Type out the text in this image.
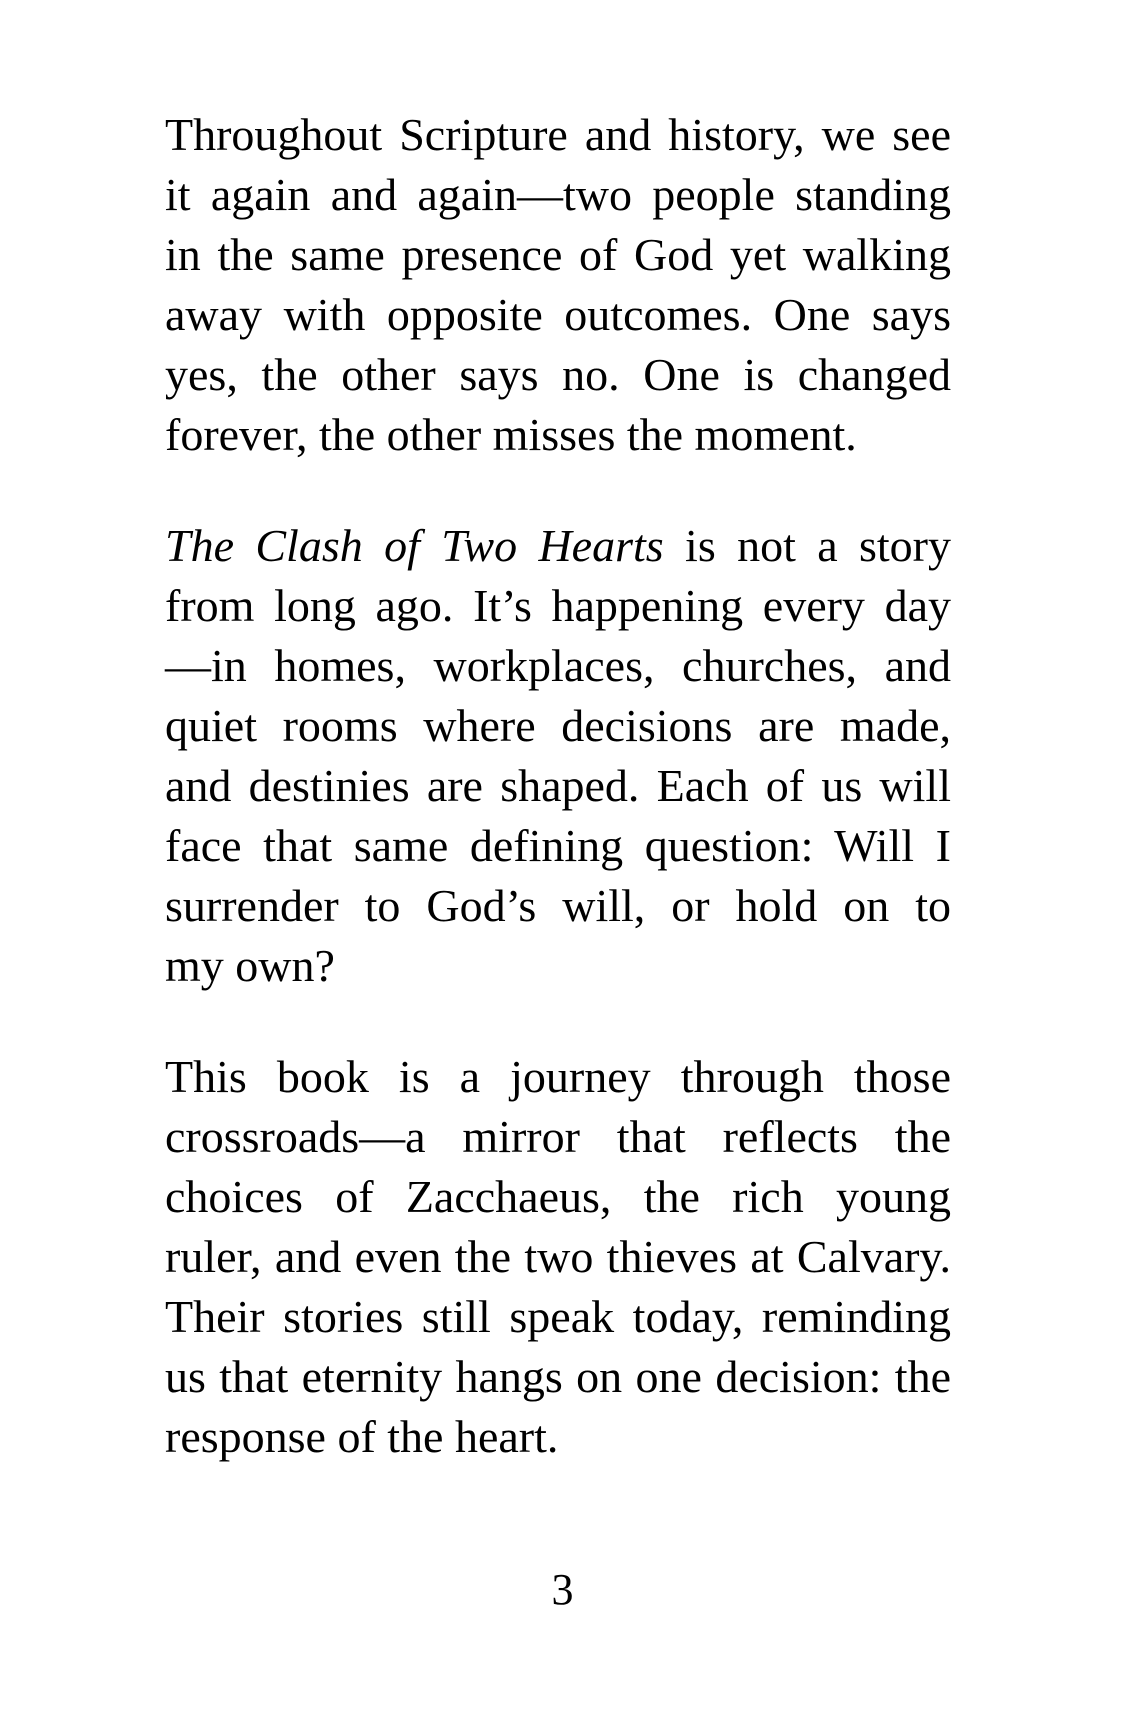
Throughout Scripture and history, we see
it again and again—two people standing
in the same presence of God yet walking
away with opposite outcomes. One says
yes, the other says no. One is changed
forever, the other misses the moment.
The Clash of Two Hearts is not a story
from long ago. It’s happening every day
—in homes, workplaces, churches, and
quiet rooms where decisions are made,
and destinies are shaped. Each of us will
face that same defining question: Will I
surrender to God’s will, or hold on to
my own?
This book is a journey through those
crossroads—a mirror that reflects the
choices of Zacchaeus, the rich young
ruler, and even the two thieves at Calvary.
Their stories still speak today, reminding
us that eternity hangs on one decision: the
response of the heart.
3
